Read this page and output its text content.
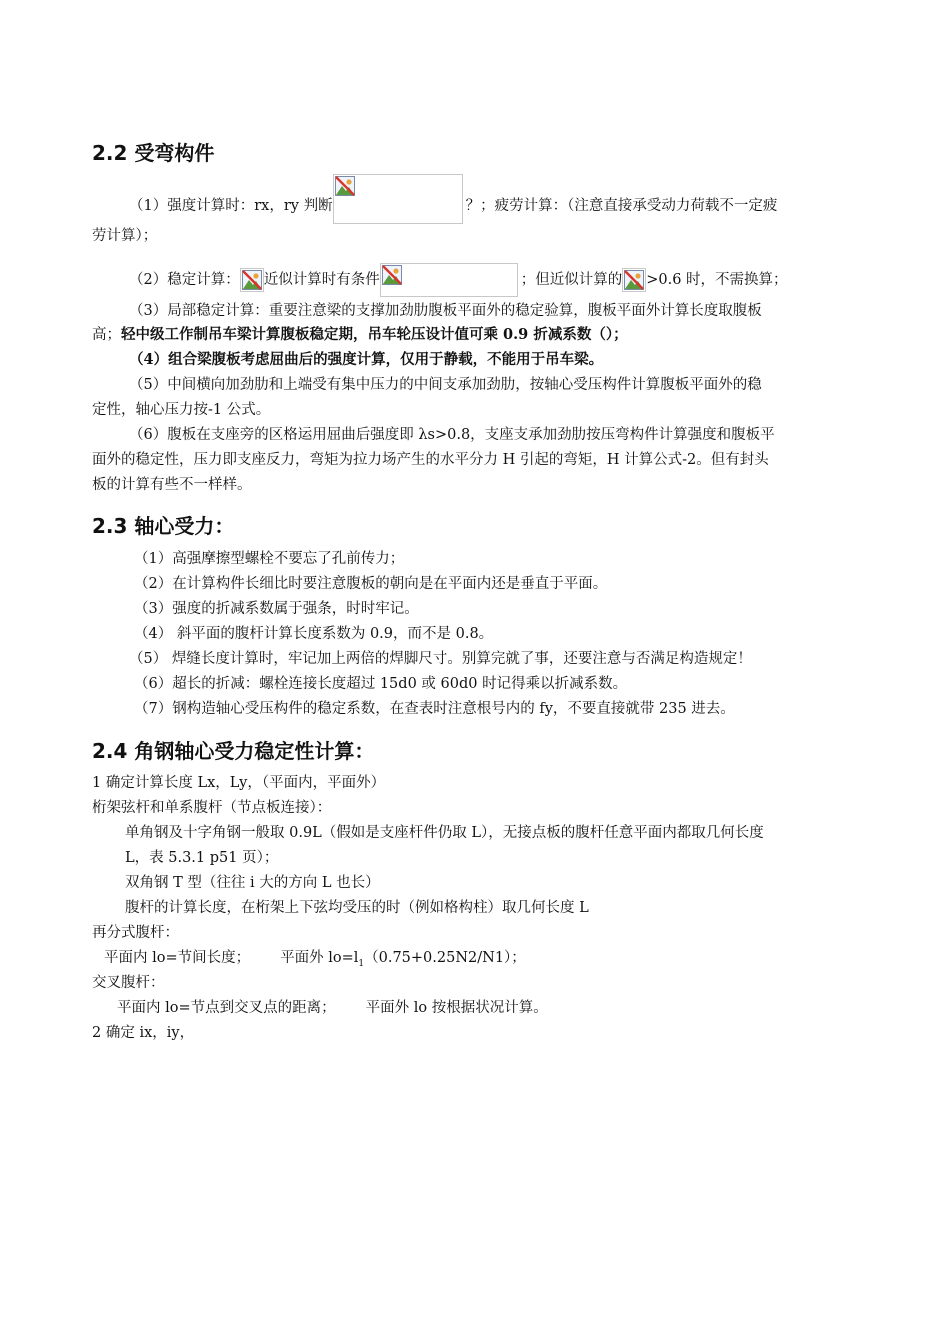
2.2 受弯构件
（1）强度计算时：rx，ry 判断	？；疲劳计算：（注意直接承受动力荷载不一定疲
劳计算）；
（2）稳定计算： 近似计算时有条件	；但近似计算的 >0.6 时，不需换算；
（3）局部稳定计算：重要注意梁的支撑加劲肋腹板平面外的稳定验算，腹板平面外计算长度取腹板
高；轻中级工作制吊车梁计算腹板稳定期，吊车轮压设计值可乘 0.9 折减系数（）；
（4）组合梁腹板考虑屈曲后的强度计算，仅用于静载，不能用于吊车梁。
（5）中间横向加劲肋和上端受有集中压力的中间支承加劲肋，按轴心受压构件计算腹板平面外的稳
定性，轴心压力按-1 公式。
（6）腹板在支座旁的区格运用屈曲后强度即 λs>0.8，支座支承加劲肋按压弯构件计算强度和腹板平
面外的稳定性，压力即支座反力，弯矩为拉力场产生的水平分力 H 引起的弯矩，H 计算公式-2。但有封头
板的计算有些不一样样。
2.3 轴心受力：
（1）高强摩擦型螺栓不要忘了孔前传力；
（2）在计算构件长细比时要注意腹板的朝向是在平面内还是垂直于平面。
（3）强度的折减系数属于强条，时时牢记。
（4） 斜平面的腹杆计算长度系数为 0.9，而不是 0.8。
（5） 焊缝长度计算时，牢记加上两倍的焊脚尺寸。别算完就了事，还要注意与否满足构造规定！
（6）超长的折减：螺栓连接长度超过 15d0 或 60d0 时记得乘以折减系数。
（7）钢构造轴心受压构件的稳定系数，在查表时注意根号内的 fy，不要直接就带 235 进去。
2.4 角钢轴心受力稳定性计算：
1 确定计算长度 Lx，Ly，（平面内，平面外）
桁架弦杆和单系腹杆（节点板连接）：
单角钢及十字角钢一般取 0.9L（假如是支座杆件仍取 L），无接点板的腹杆任意平面内都取几何长度
L，表 5.3.1 p51 页）；
双角钢 T 型（往往 i 大的方向 L 也长）
腹杆的计算长度，在桁架上下弦均受压的时（例如格构柱）取几何长度 L
再分式腹杆：
平面内 lo=节间长度； 平面外 $lo=l_1(0.75+0.25N2/N1)$；
交叉腹杆：
平面内 lo=节点到交叉点的距离； 平面外 lo 按根据状况计算。
2 确定 ix，iy，
